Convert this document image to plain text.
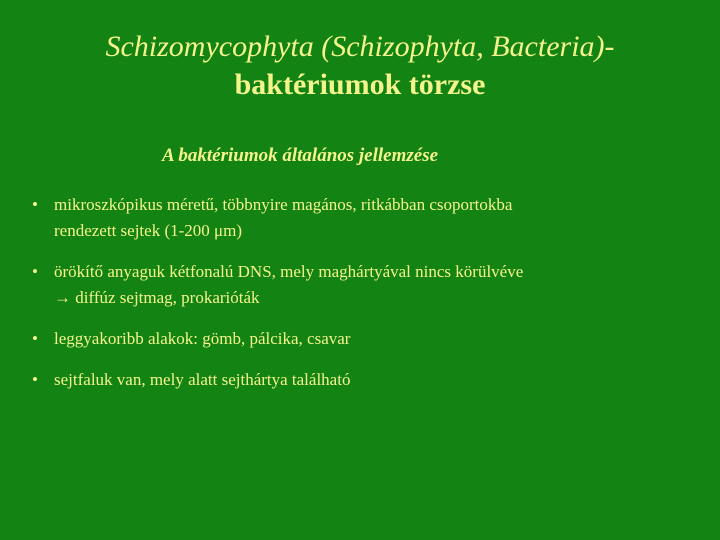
Schizomycophyta (Schizophyta, Bacteria)-
baktériumok törzse
A baktériumok általános jellemzése
• mikroszkópikus méretű, többnyire magános, ritkábban csoportokba
rendezett sejtek (1-200 μm)
• örökítő anyaguk kétfonalú DNS, mely maghártyával nincs körülvéve
→ diffúz sejtmag, prokarióták
• leggyakoribb alakok: gömb, pálcika, csavar
• sejtfaluk van, mely alatt sejthártya található
